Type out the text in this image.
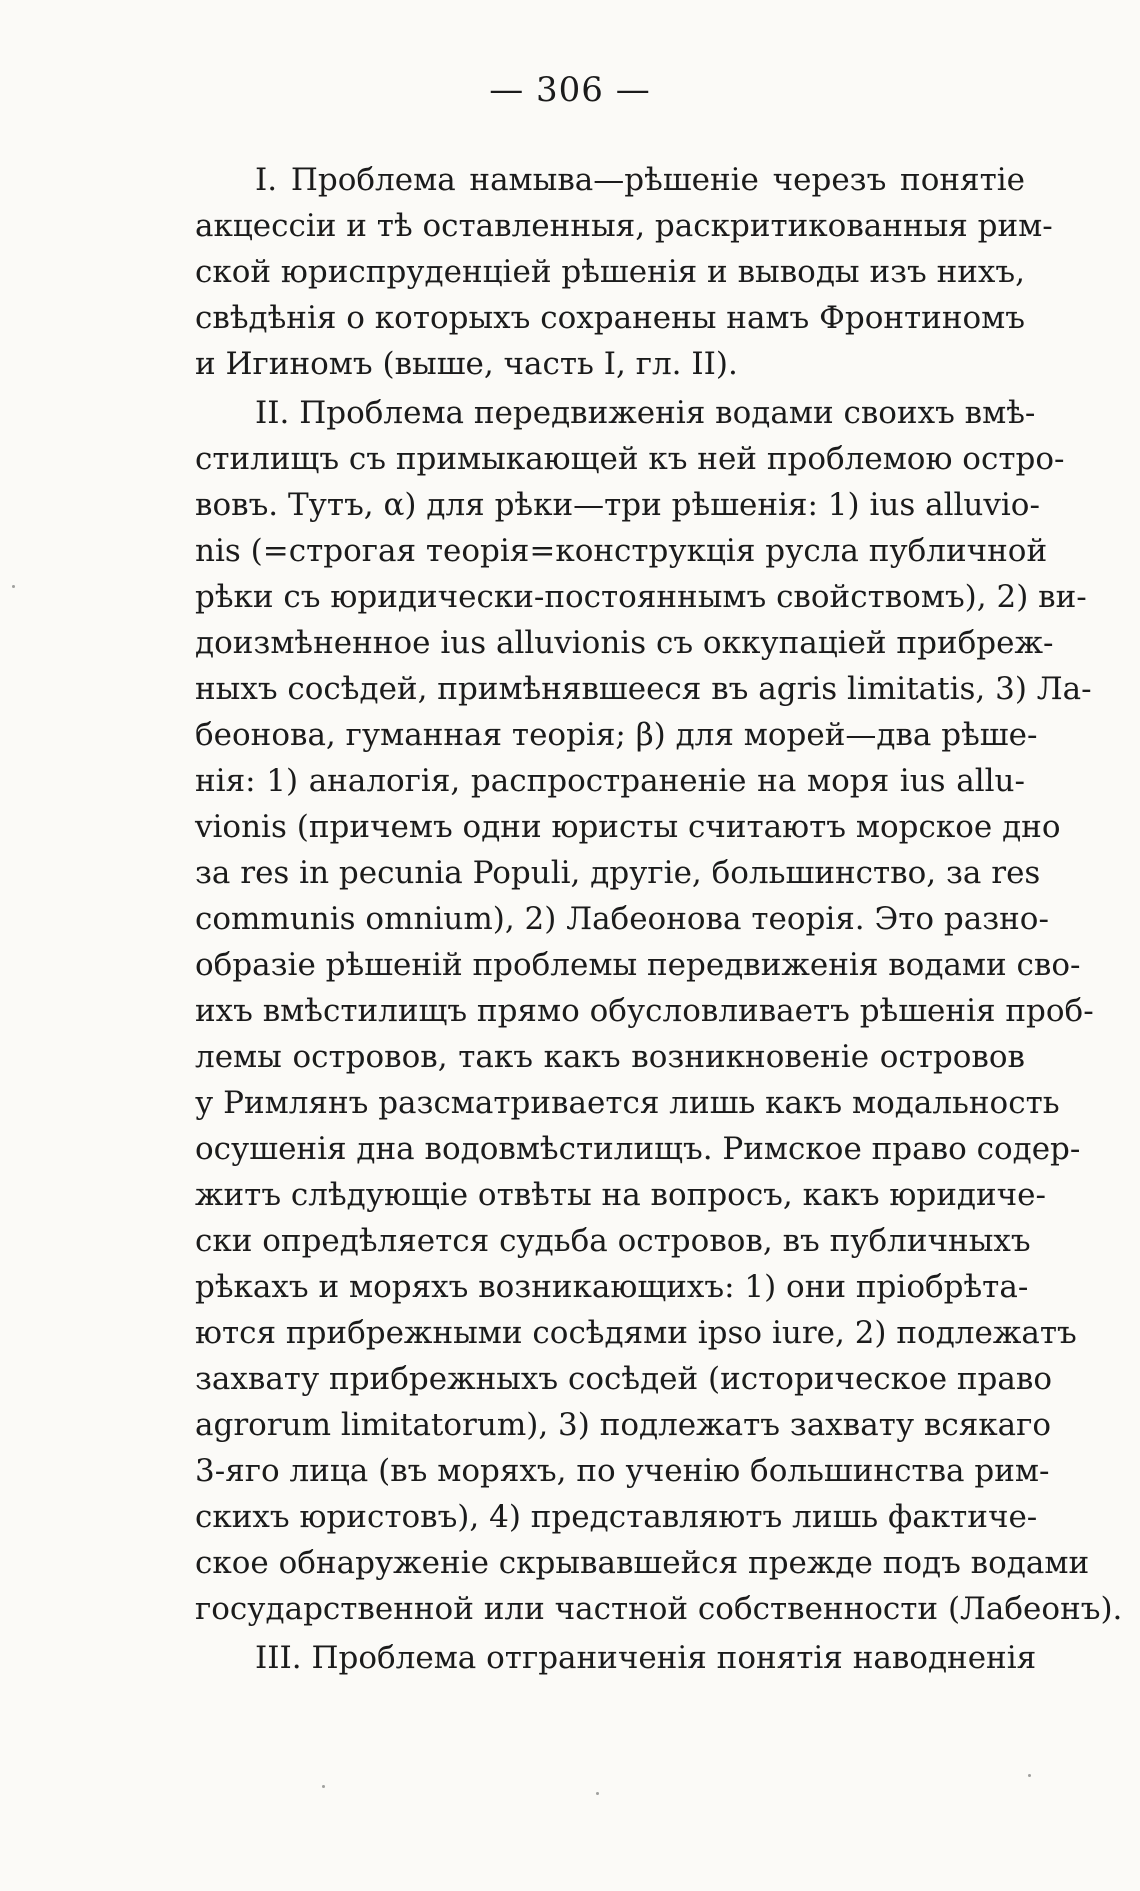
— 306 —
I. Проблема намыва—рѣшеніе черезъ понятіе
акцессіи и тѣ оставленныя, раскритикованныя рим-
ской юриспруденціей рѣшенія и выводы изъ нихъ,
свѣдѣнія о которыхъ сохранены намъ Фронтиномъ
и Игиномъ (выше, часть I, гл. II).
II. Проблема передвиженія водами своихъ вмѣ-
стилищъ съ примыкающей къ ней проблемою остро-
вовъ. Тутъ, α) для рѣки—три рѣшенія: 1) ius alluvio-
nis (=строгая теорія=конструкція русла публичной
рѣки съ юридически-постояннымъ свойствомъ), 2) ви-
доизмѣненное ius alluvionis съ оккупаціей прибреж-
ныхъ сосѣдей, примѣнявшееся въ agris limitatis, 3) Ла-
беонова, гуманная теорія; β) для морей—два рѣше-
нія: 1) аналогія, распространеніе на моря ius allu-
vionis (причемъ одни юристы считаютъ морское дно
за res in pecunia Populi, другіе, большинство, за res
communis omnium), 2) Лабеонова теорія. Это разно-
образіе рѣшеній проблемы передвиженія водами сво-
ихъ вмѣстилищъ прямо обусловливаетъ рѣшенія проб-
лемы островов, такъ какъ возникновеніе островов
у Римлянъ разсматривается лишь какъ модальность
осушенія дна водовмѣстилищъ. Римское право содер-
житъ слѣдующіе отвѣты на вопросъ, какъ юридиче-
ски опредѣляется судьба островов, въ публичныхъ
рѣкахъ и моряхъ возникающихъ: 1) они пріобрѣта-
ются прибрежными сосѣдями ipso iure, 2) подлежатъ
захвату прибрежныхъ сосѣдей (историческое право
agrorum limitatorum), 3) подлежатъ захвату всякаго
3-яго лица (въ моряхъ, по ученію большинства рим-
скихъ юристовъ), 4) представляютъ лишь фактиче-
ское обнаруженіе скрывавшейся прежде подъ водами
государственной или частной собственности (Лабеонъ).
III. Проблема отграниченія понятія наводненія
